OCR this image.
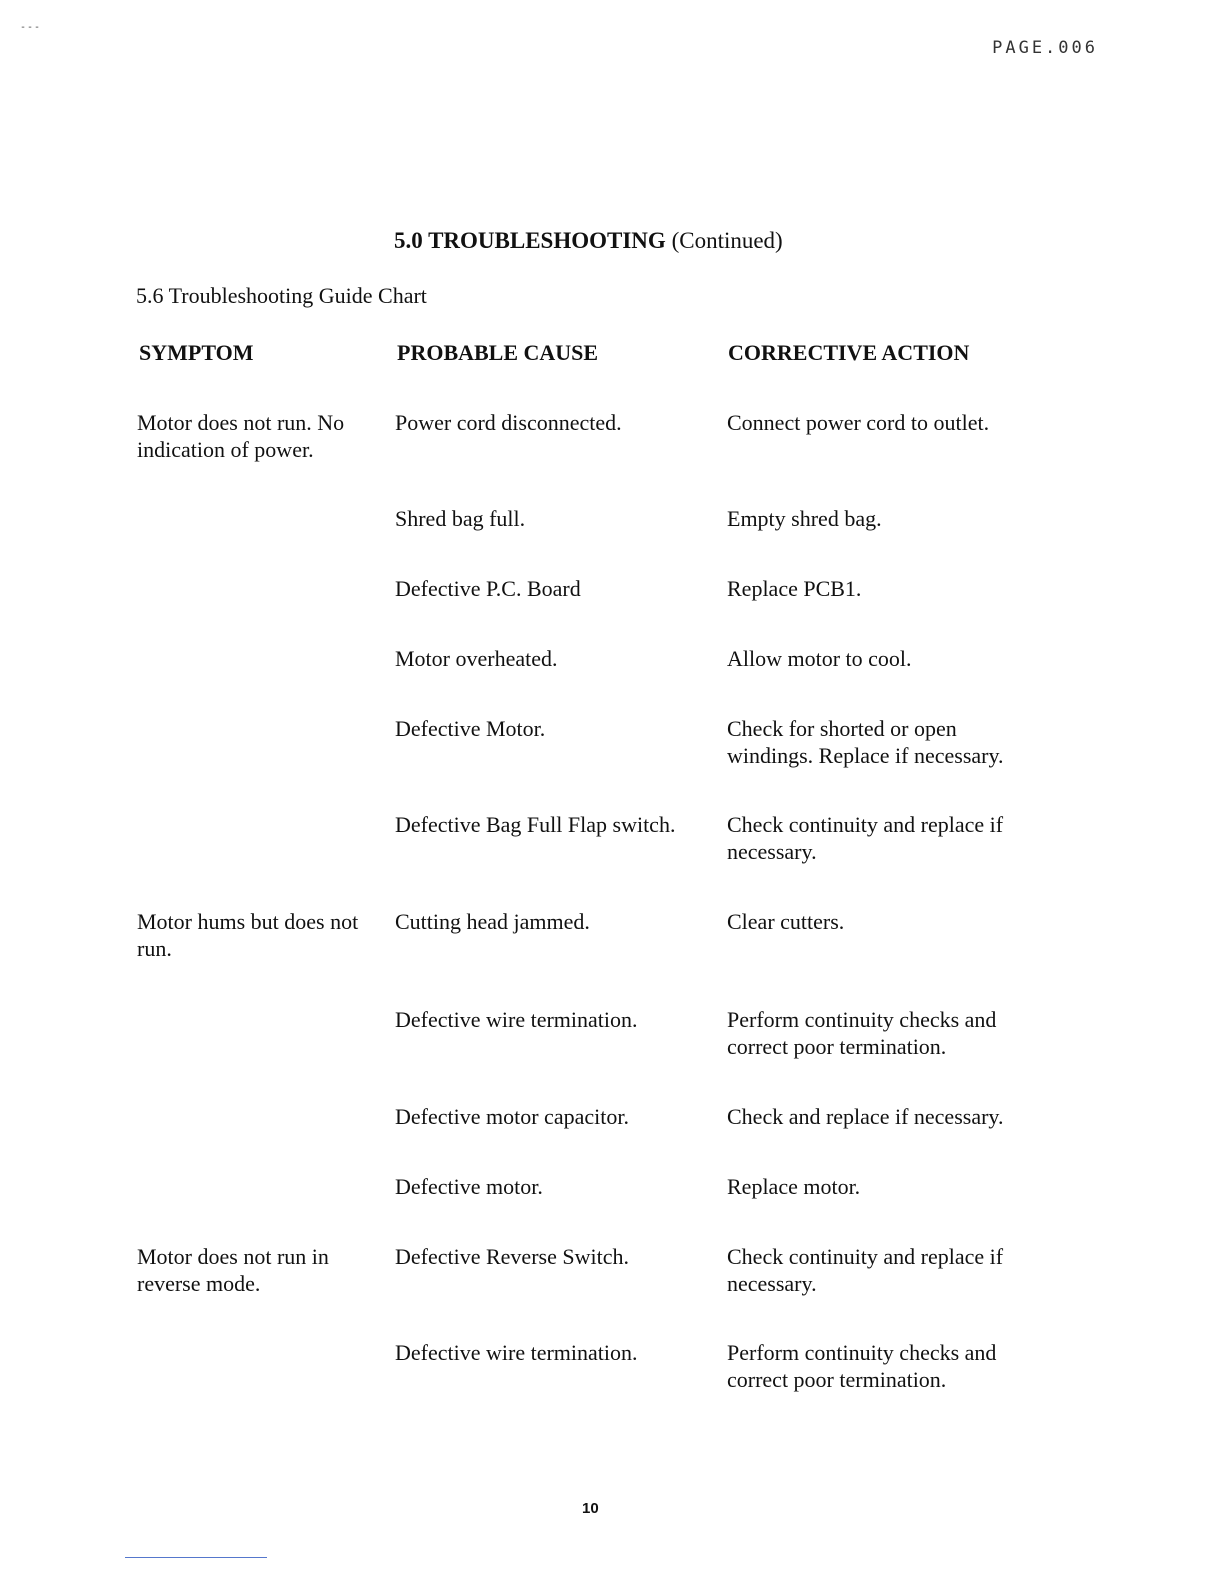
---
PAGE.006
5.0 TROUBLESHOOTING (Continued)
5.6 Troubleshooting Guide Chart
SYMPTOM	PROBABLE CAUSE	CORRECTIVE ACTION
Motor does not run. No indication of power.
Power cord disconnected.	Connect power cord to outlet.
Shred bag full.	Empty shred bag.
Defective P.C. Board	Replace PCB1.
Motor overheated.	Allow motor to cool.
Defective Motor.	Check for shorted or open windings. Replace if necessary.
Defective Bag Full Flap switch.	Check continuity and replace if necessary.
Motor hums but does not run.
Cutting head jammed.	Clear cutters.
Defective wire termination.	Perform continuity checks and correct poor termination.
Defective motor capacitor.	Check and replace if necessary.
Defective motor.	Replace motor.
Motor does not run in reverse mode.
Defective Reverse Switch.	Check continuity and replace if necessary.
Defective wire termination.	Perform continuity checks and correct poor termination.
10
